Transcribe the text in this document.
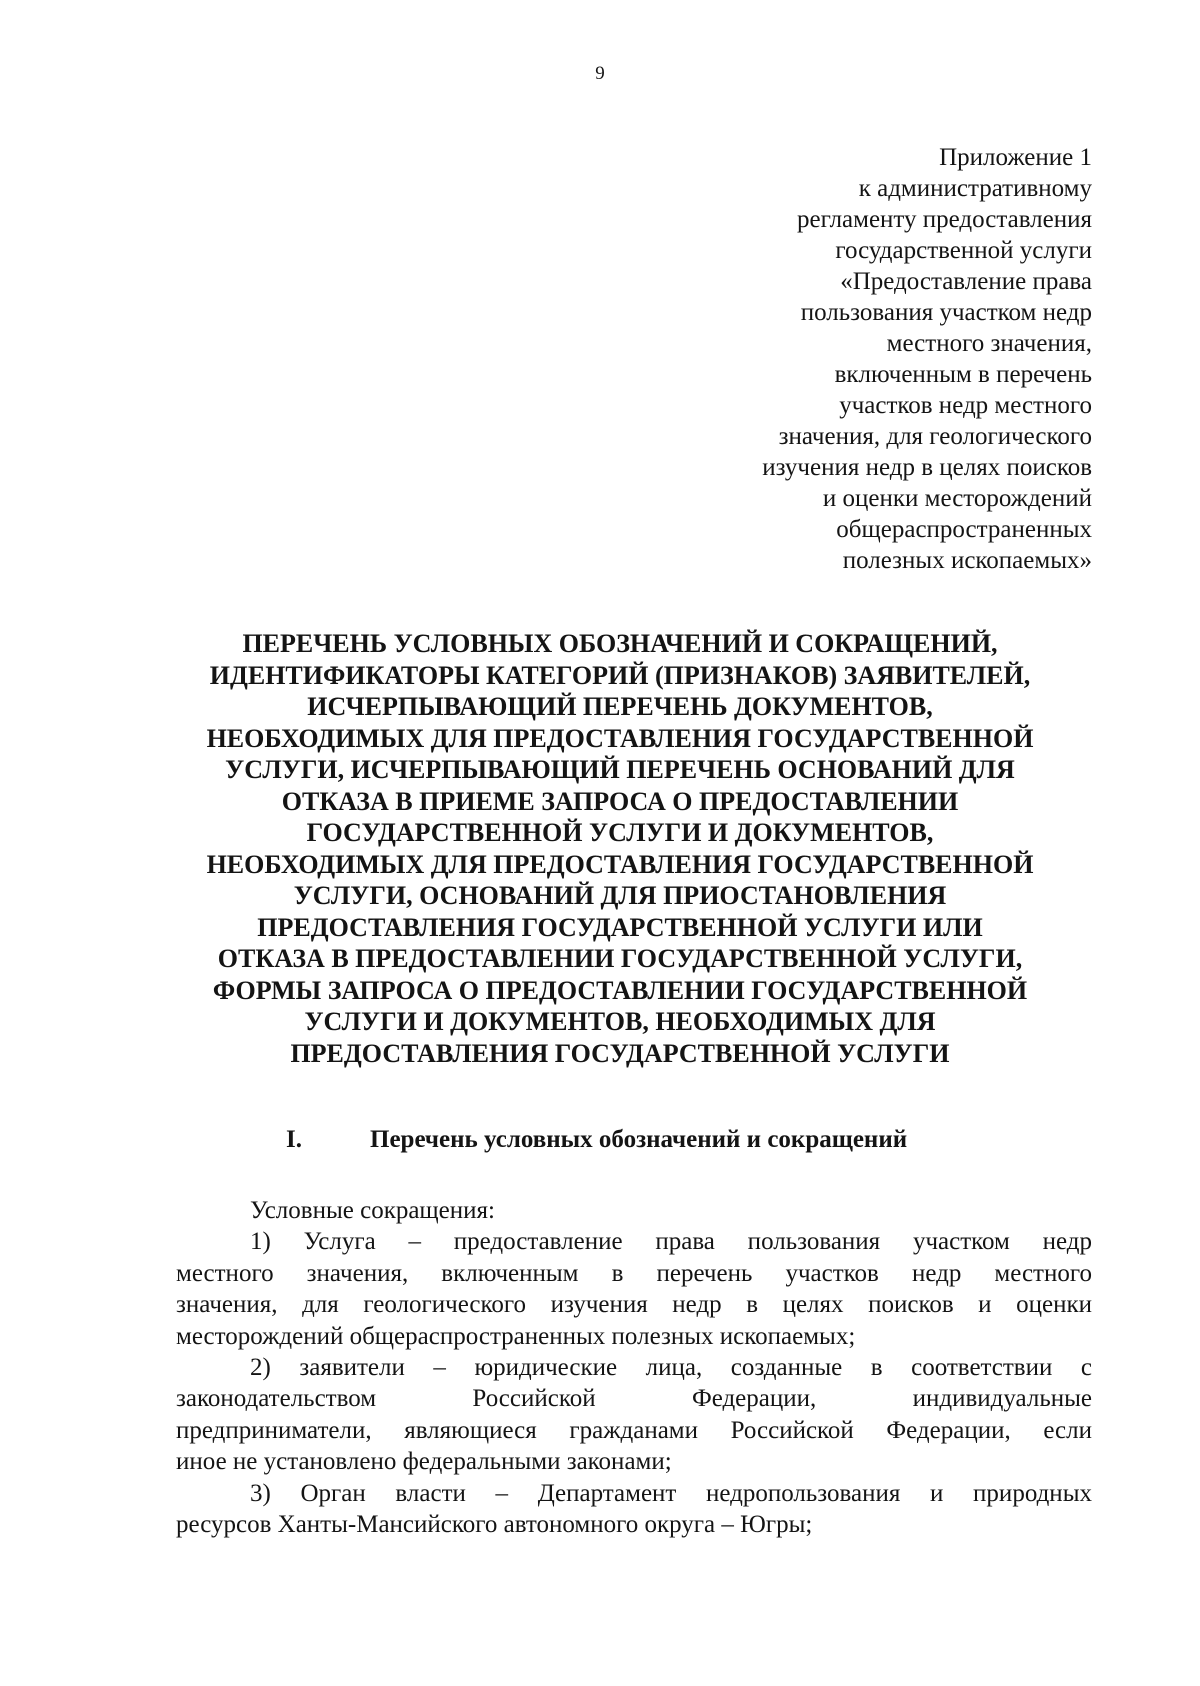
9
Приложение 1
к административному
регламенту предоставления
государственной услуги
«Предоставление права
пользования участком недр
местного значения,
включенным в перечень
участков недр местного
значения, для геологического
изучения недр в целях поисков
и оценки месторождений
общераспространенных
полезных ископаемых»
ПЕРЕЧЕНЬ УСЛОВНЫХ ОБОЗНАЧЕНИЙ И СОКРАЩЕНИЙ,
ИДЕНТИФИКАТОРЫ КАТЕГОРИЙ (ПРИЗНАКОВ) ЗАЯВИТЕЛЕЙ,
ИСЧЕРПЫВАЮЩИЙ ПЕРЕЧЕНЬ ДОКУМЕНТОВ,
НЕОБХОДИМЫХ ДЛЯ ПРЕДОСТАВЛЕНИЯ ГОСУДАРСТВЕННОЙ
УСЛУГИ, ИСЧЕРПЫВАЮЩИЙ ПЕРЕЧЕНЬ ОСНОВАНИЙ ДЛЯ
ОТКАЗА В ПРИЕМЕ ЗАПРОСА О ПРЕДОСТАВЛЕНИИ
ГОСУДАРСТВЕННОЙ УСЛУГИ И ДОКУМЕНТОВ,
НЕОБХОДИМЫХ ДЛЯ ПРЕДОСТАВЛЕНИЯ ГОСУДАРСТВЕННОЙ
УСЛУГИ, ОСНОВАНИЙ ДЛЯ ПРИОСТАНОВЛЕНИЯ
ПРЕДОСТАВЛЕНИЯ ГОСУДАРСТВЕННОЙ УСЛУГИ ИЛИ
ОТКАЗА В ПРЕДОСТАВЛЕНИИ ГОСУДАРСТВЕННОЙ УСЛУГИ,
ФОРМЫ ЗАПРОСА О ПРЕДОСТАВЛЕНИИ ГОСУДАРСТВЕННОЙ
УСЛУГИ И ДОКУМЕНТОВ, НЕОБХОДИМЫХ ДЛЯ
ПРЕДОСТАВЛЕНИЯ ГОСУДАРСТВЕННОЙ УСЛУГИ
I.	Перечень условных обозначений и сокращений
Условные сокращения:
1) Услуга – предоставление права пользования участком недр
местного значения, включенным в перечень участков недр местного
значения, для геологического изучения недр в целях поисков и оценки
месторождений общераспространенных полезных ископаемых;
2) заявители – юридические лица, созданные в соответствии с
законодательством Российской Федерации, индивидуальные
предприниматели, являющиеся гражданами Российской Федерации, если
иное не установлено федеральными законами;
3) Орган власти – Департамент недропользования и природных
ресурсов Ханты-Мансийского автономного округа – Югры;
